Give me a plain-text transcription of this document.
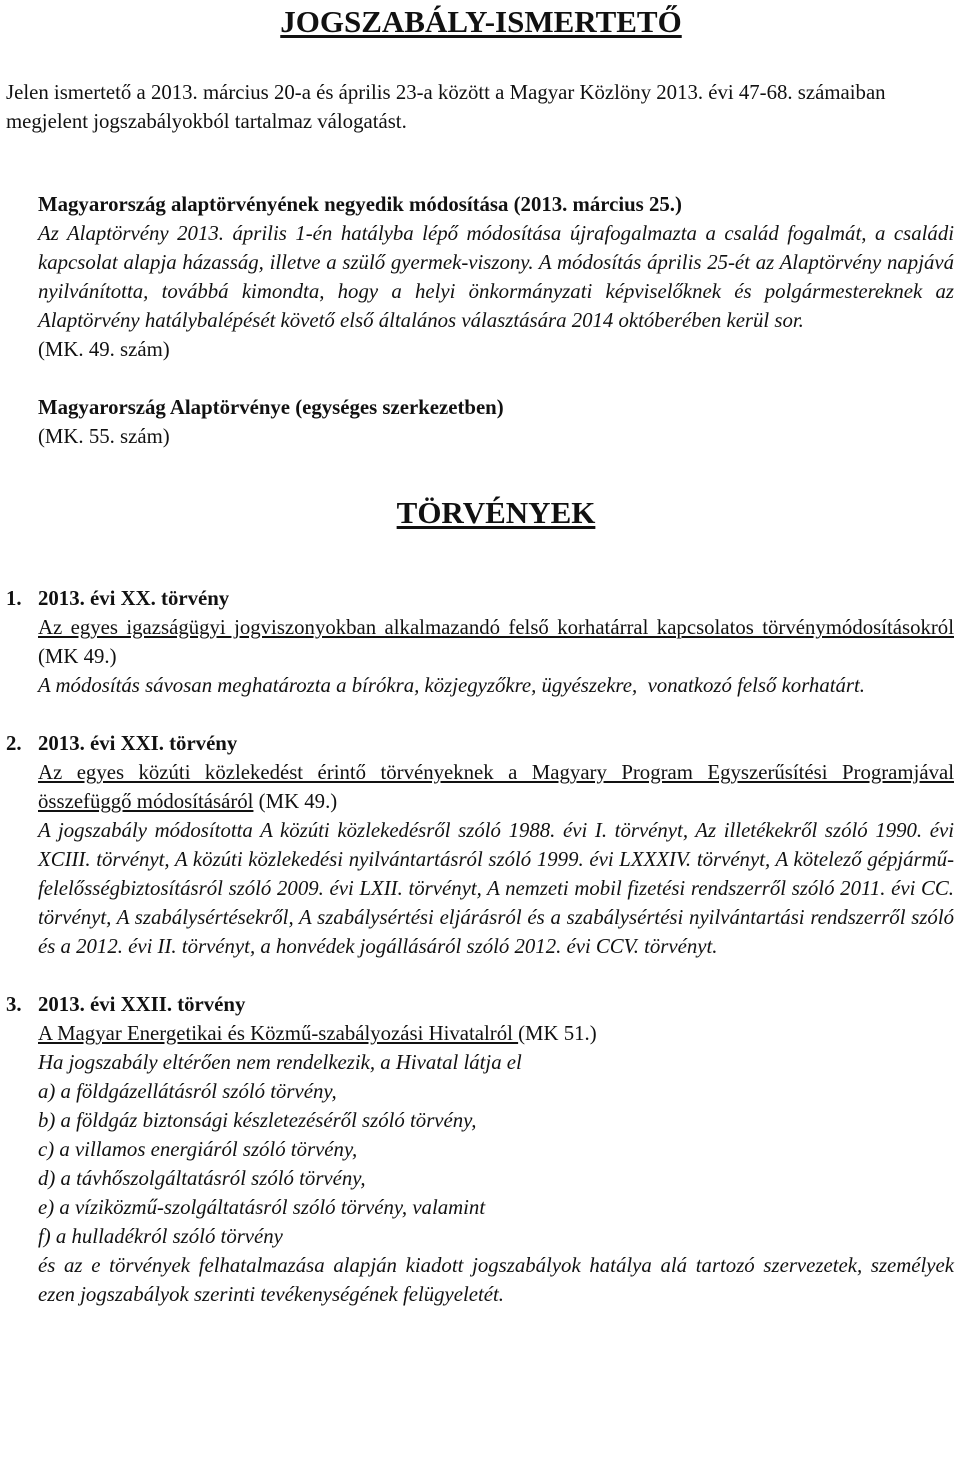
JOGSZABÁLY-ISMERTETŐ
Jelen ismertető a 2013. március 20-a és április 23-a között a Magyar Közlöny 2013. évi 47-68. számaiban megjelent jogszabályokból tartalmaz válogatást.
Magyarország alaptörvényének negyedik módosítása (2013. március 25.)
Az Alaptörvény 2013. április 1-én hatályba lépő módosítása újrafogalmazta a család fogalmát, a családi kapcsolat alapja házasság, illetve a szülő gyermek-viszony. A módosítás április 25-ét az Alaptörvény napjává nyilvánította, továbbá kimondta, hogy a helyi önkormányzati képviselőknek és polgármestereknek az Alaptörvény hatálybalépését követő első általános választására 2014 októberében kerül sor.
(MK. 49. szám)
Magyarország Alaptörvénye (egységes szerkezetben)
(MK. 55. szám)
TÖRVÉNYEK
1. 2013. évi XX. törvény
Az egyes igazságügyi jogviszonyokban alkalmazandó felső korhatárral kapcsolatos törvénymódosításokról (MK 49.)
A módosítás sávosan meghatározta a bírókra, közjegyzőkre, ügyészekre,  vonatkozó felső korhatárt.
2. 2013. évi XXI. törvény
Az egyes közúti közlekedést érintő törvényeknek a Magyary Program Egyszerűsítési Programjával összefüggő módosításáról (MK 49.)
A jogszabály módosította A közúti közlekedésről szóló 1988. évi I. törvényt, Az illetékekről szóló 1990. évi XCIII. törvényt, A közúti közlekedési nyilvántartásról szóló 1999. évi LXXXIV. törvényt, A kötelező gépjármű-felelősségbiztosításról szóló 2009. évi LXII. törvényt, A nemzeti mobil fizetési rendszerről szóló 2011. évi CC. törvényt, A szabálysértésekről, A szabálysértési eljárásról és a szabálysértési nyilvántartási rendszerről szóló és a 2012. évi II. törvényt, a honvédek jogállásáról szóló 2012. évi CCV. törvényt.
3. 2013. évi XXII. törvény
A Magyar Energetikai és Közmű-szabályozási Hivatalról (MK 51.)
Ha jogszabály eltérően nem rendelkezik, a Hivatal látja el
a) a földgázellátásról szóló törvény,
b) a földgáz biztonsági készletezéséről szóló törvény,
c) a villamos energiáról szóló törvény,
d) a távhőszolgáltatásról szóló törvény,
e) a víziközmű-szolgáltatásról szóló törvény, valamint
f) a hulladékról szóló törvény
és az e törvények felhatalmazása alapján kiadott jogszabályok hatálya alá tartozó szervezetek, személyek ezen jogszabályok szerinti tevékenységének felügyeletét.
